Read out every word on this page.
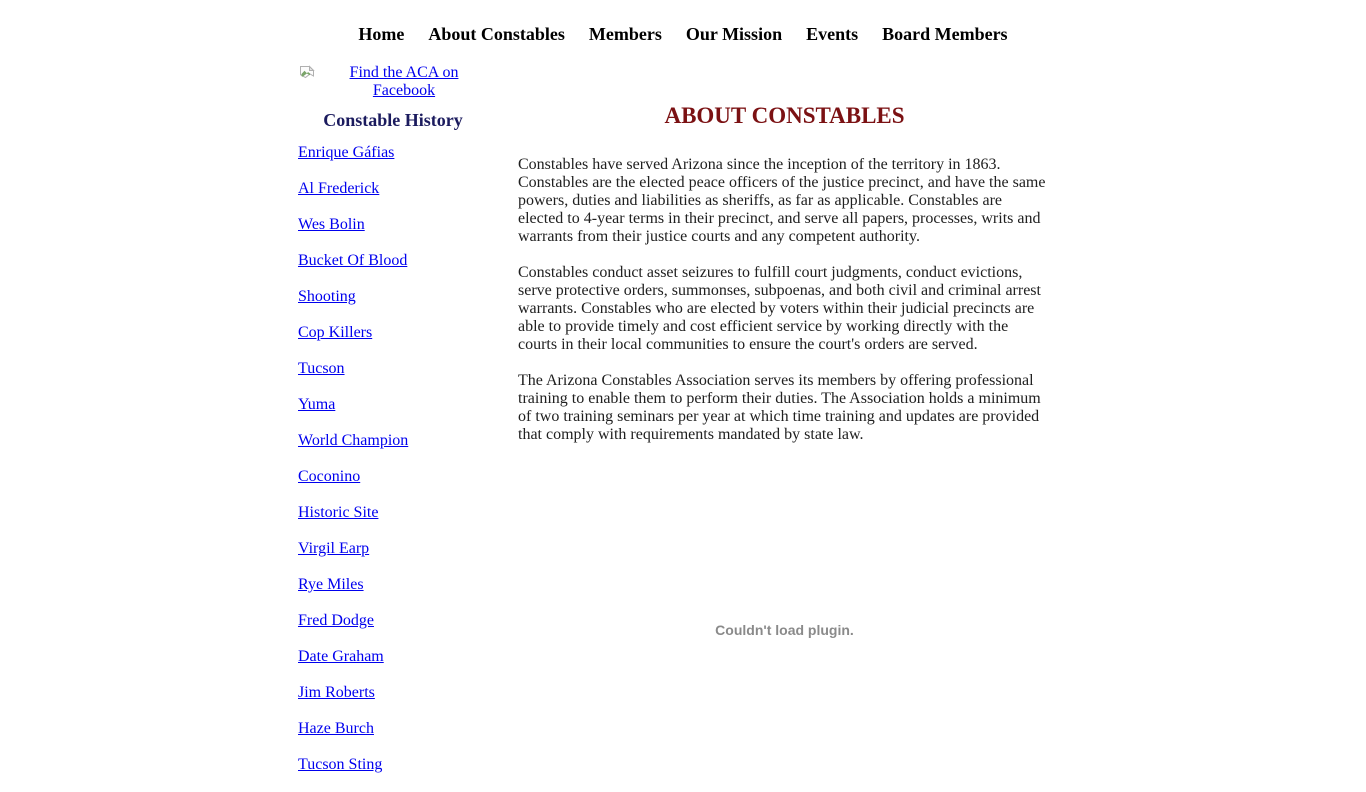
Home About Constables Members Our Mission Events Board Members
Find the ACA on Facebook
Constable History
Enrique Gáfias
Al Frederick
Wes Bolin
Bucket Of Blood
Shooting
Cop Killers
Tucson
Yuma
World Champion
Coconino
Historic Site
Virgil Earp
Rye Miles
Fred Dodge
Date Graham
Jim Roberts
Haze Burch
Tucson Sting
ABOUT CONSTABLES

Constables have served Arizona since the inception of the territory in 1863. Constables are the elected peace officers of the justice precinct, and have the same powers, duties and liabilities as sheriffs, as far as applicable. Constables are elected to 4-year terms in their precinct, and serve all papers, processes, writs and warrants from their justice courts and any competent authority.

Constables conduct asset seizures to fulfill court judgments, conduct evictions, serve protective orders, summonses, subpoenas, and both civil and criminal arrest warrants. Constables who are elected by voters within their judicial precincts are able to provide timely and cost efficient service by working directly with the courts in their local communities to ensure the court's orders are served.

The Arizona Constables Association serves its members by offering professional training to enable them to perform their duties. The Association holds a minimum of two training seminars per year at which time training and updates are provided that comply with requirements mandated by state law.

Couldn't load plugin.
